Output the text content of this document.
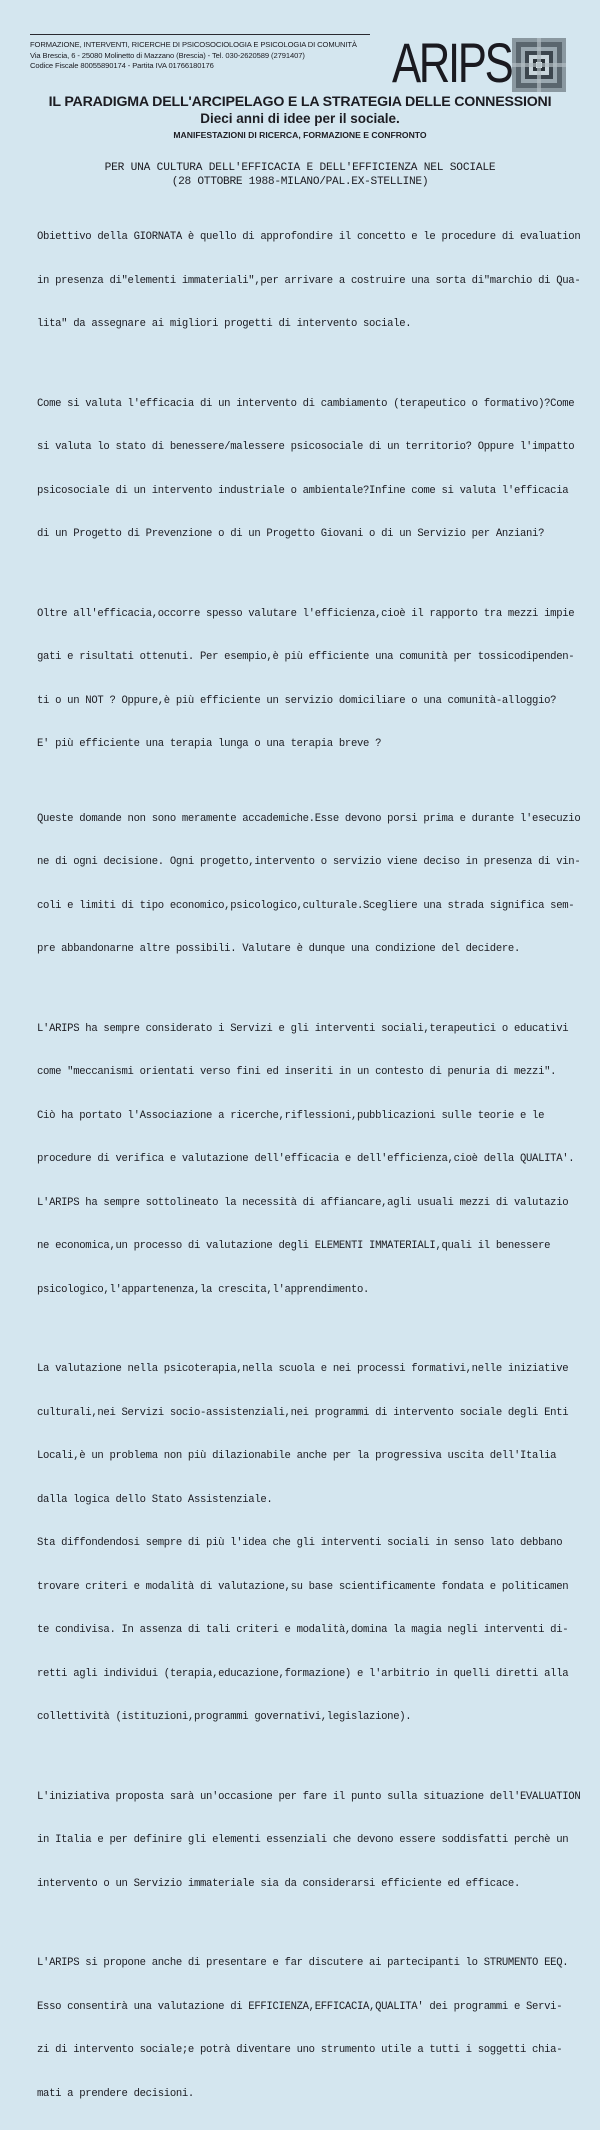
FORMAZIONE, INTERVENTI, RICERCHE DI PSICOSOCIOLOGIA E PSICOLOGIA DI COMUNITÀ
Via Brescia, 6 - 25080 Molinetto di Mazzano (Brescia) - Tel. 030-2620589 (2791407)
Codice Fiscale 80055890174 - Partita IVA 01766180176	ARIPS
IL PARADIGMA DELL'ARCIPELAGO E LA STRATEGIA DELLE CONNESSIONI
Dieci anni di idee per il sociale.
MANIFESTAZIONI DI RICERCA, FORMAZIONE E CONFRONTO
PER UNA CULTURA DELL'EFFICACIA E DELL'EFFICIENZA NEL SOCIALE
(28 OTTOBRE 1988-MILANO/PAL.EX-STELLINE)

Obiettivo della GIORNATA è quello di approfondire il concetto e le procedure di evaluation

in presenza di"elementi immateriali",per arrivare a costruire una sorta di"marchio di Qua-

lita" da assegnare ai migliori progetti di intervento sociale.

Come si valuta l'efficacia di un intervento di cambiamento (terapeutico o formativo)?Come

si valuta lo stato di benessere/malessere psicosociale di un territorio? Oppure l'impatto

psicosociale di un intervento industriale o ambientale?Infine come si valuta l'efficacia

di un Progetto di Prevenzione o di un Progetto Giovani o di un Servizio per Anziani?

Oltre all'efficacia,occorre spesso valutare l'efficienza,cioè il rapporto tra mezzi impie

gati e risultati ottenuti. Per esempio,è più efficiente una comunità per tossicodipenden-

ti o un NOT ? Oppure,è più efficiente un servizio domiciliare o una comunità-alloggio?

E' più efficiente una terapia lunga o una terapia breve ?

Queste domande non sono meramente accademiche.Esse devono porsi prima e durante l'esecuzio

ne di ogni decisione. Ogni progetto,intervento o servizio viene deciso in presenza di vin-

coli e limiti di tipo economico,psicologico,culturale.Scegliere una strada significa sem-

pre abbandonarne altre possibili. Valutare è dunque una condizione del decidere.

L'ARIPS ha sempre considerato i Servizi e gli interventi sociali,terapeutici o educativi

come "meccanismi orientati verso fini ed inseriti in un contesto di penuria di mezzi".

Ciò ha portato l'Associazione a ricerche,riflessioni,pubblicazioni sulle teorie e le

procedure di verifica e valutazione dell'efficacia e dell'efficienza,cioè della QUALITA'.

L'ARIPS ha sempre sottolineato la necessità di affiancare,agli usuali mezzi di valutazio

ne economica,un processo di valutazione degli ELEMENTI IMMATERIALI,quali il benessere

psicologico,l'appartenenza,la crescita,l'apprendimento.

La valutazione nella psicoterapia,nella scuola e nei processi formativi,nelle iniziative

culturali,nei Servizi socio-assistenziali,nei programmi di intervento sociale degli Enti

Locali,è un problema non più dilazionabile anche per la progressiva uscita dell'Italia

dalla logica dello Stato Assistenziale.

Sta diffondendosi sempre di più l'idea che gli interventi sociali in senso lato debbano

trovare criteri e modalità di valutazione,su base scientificamente fondata e politicamen

te condivisa. In assenza di tali criteri e modalità,domina la magia negli interventi di-

retti agli individui (terapia,educazione,formazione) e l'arbitrio in quelli diretti alla

collettività (istituzioni,programmi governativi,legislazione).

L'iniziativa proposta sarà un'occasione per fare il punto sulla situazione dell'EVALUATION

in Italia e per definire gli elementi essenziali che devono essere soddisfatti perchè un

intervento o un Servizio immateriale sia da considerarsi efficiente ed efficace.

L'ARIPS si propone anche di presentare e far discutere ai partecipanti lo STRUMENTO EEQ.

Esso consentirà una valutazione di EFFICIENZA,EFFICACIA,QUALITA' dei programmi e Servi-

zi di intervento sociale;e potrà diventare uno strumento utile a tutti i soggetti chia-

mati a prendere decisioni.
